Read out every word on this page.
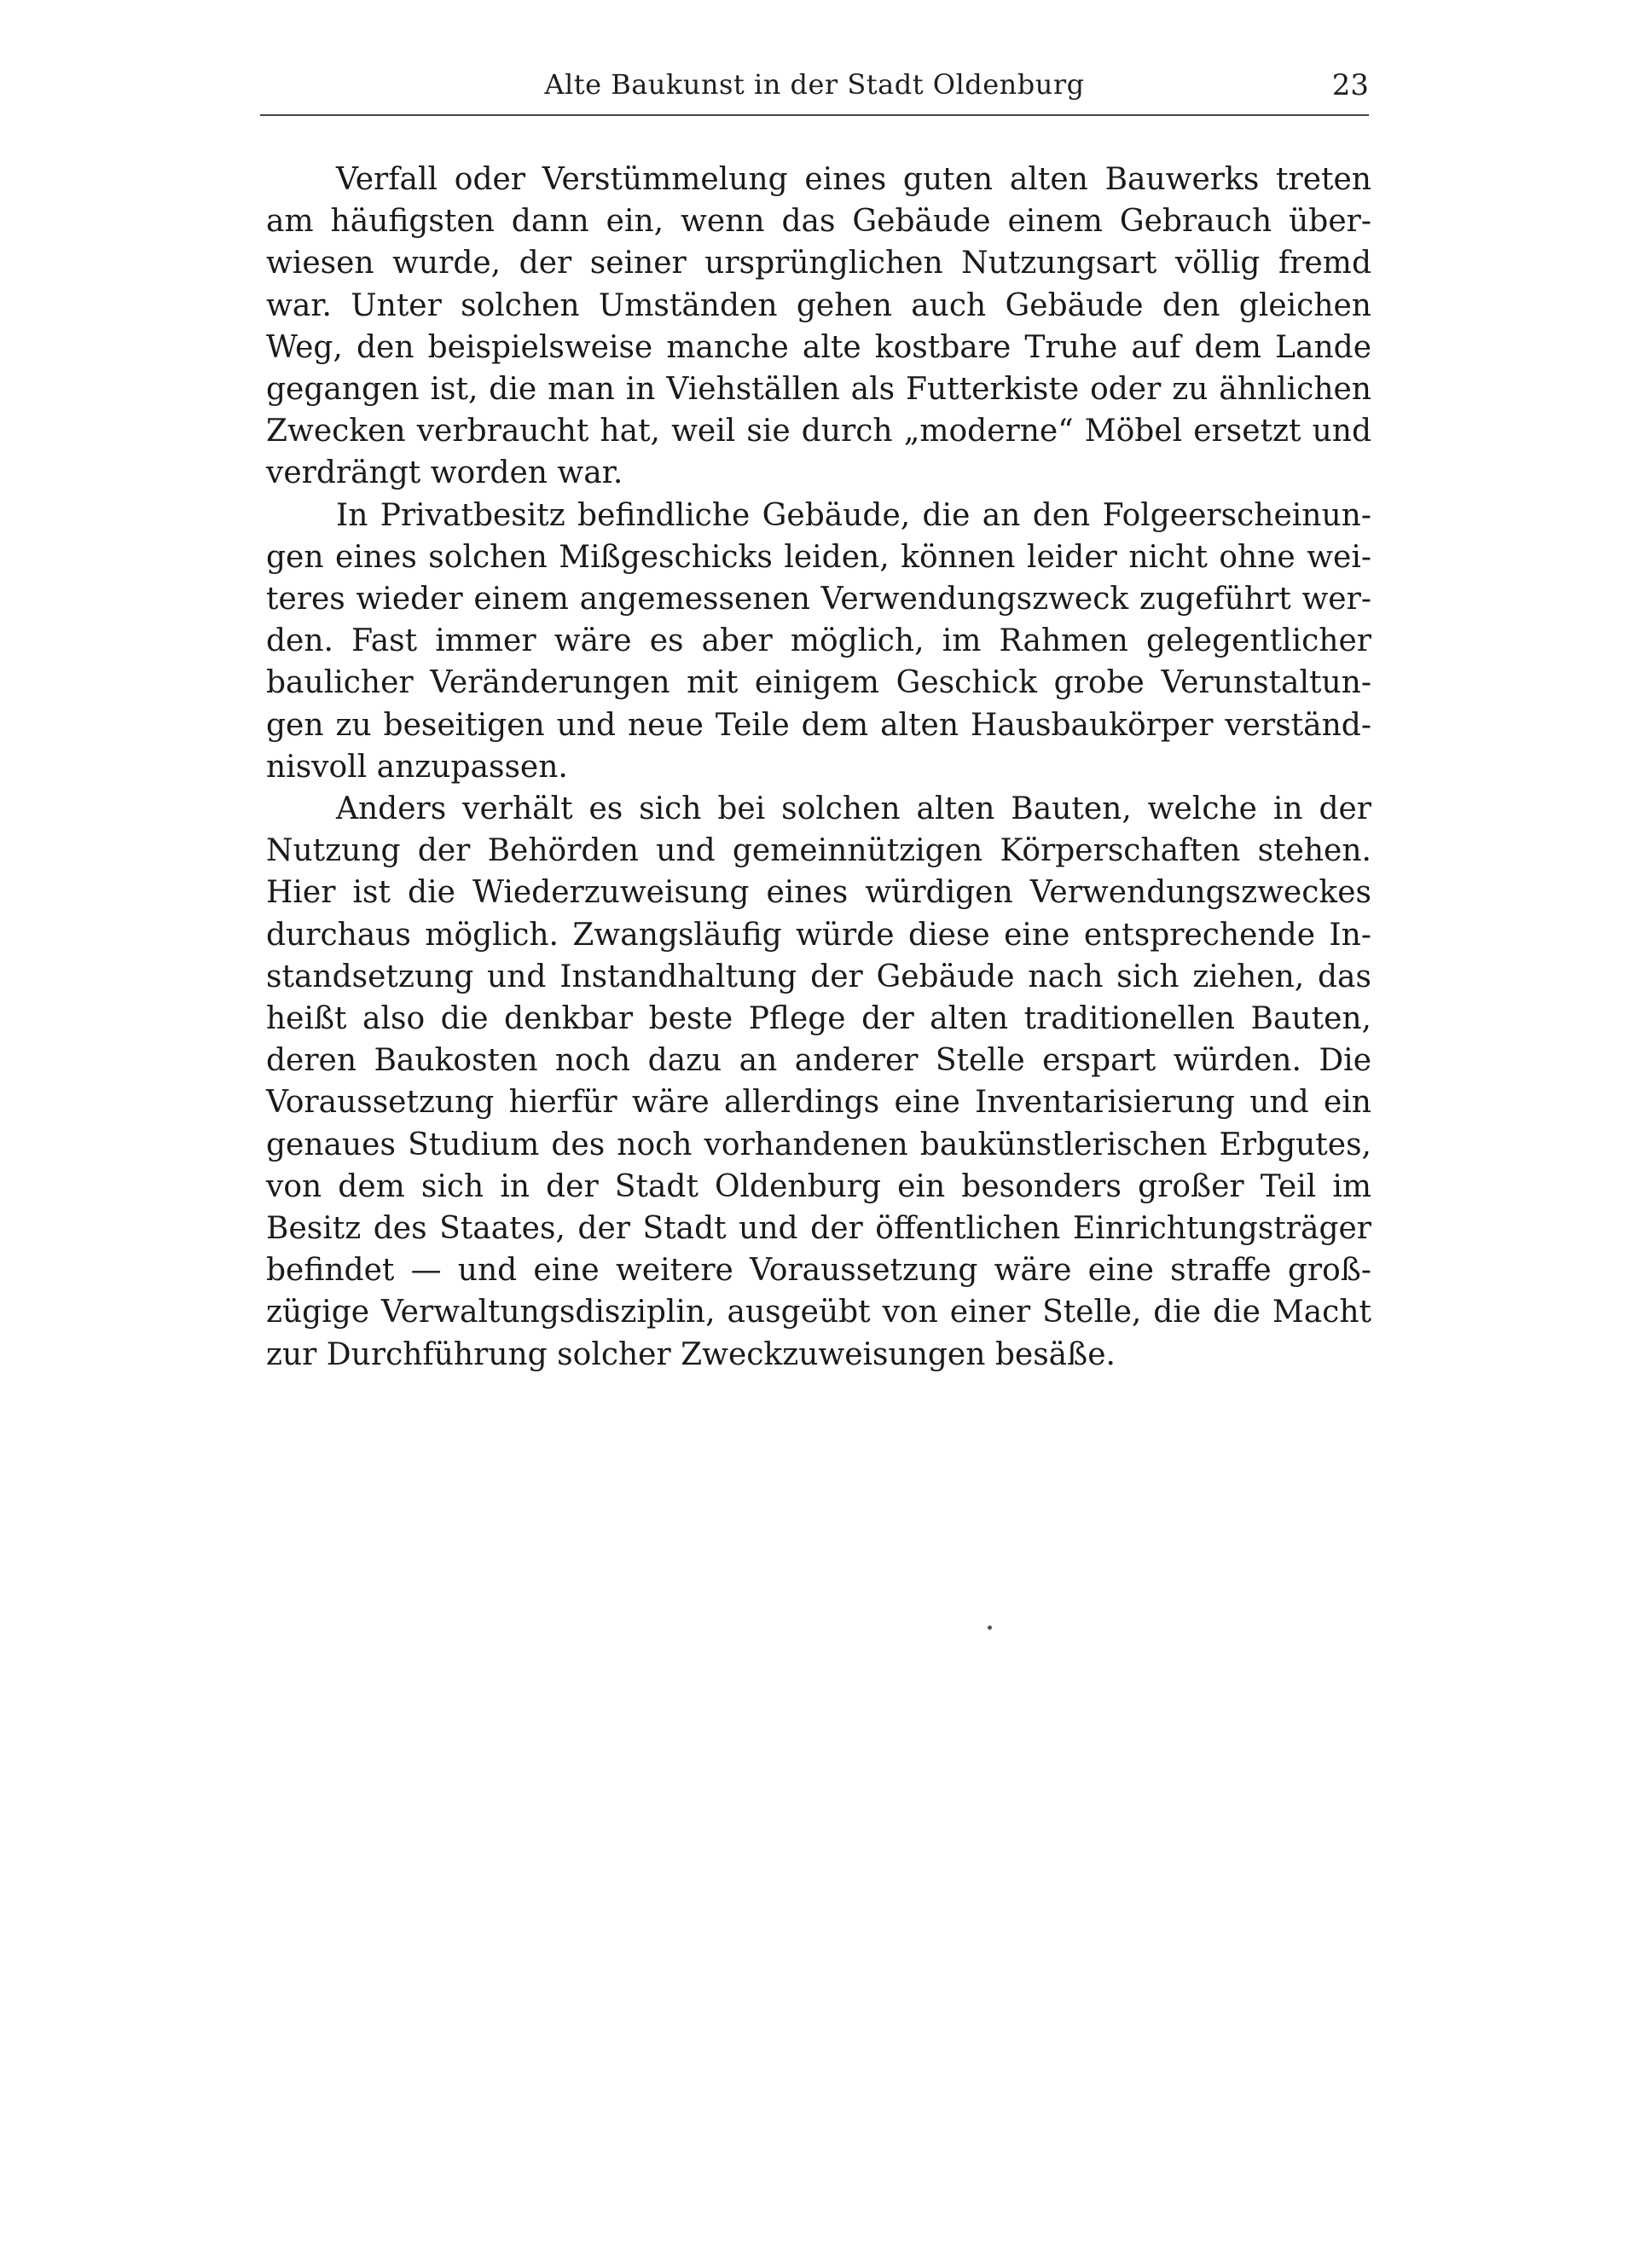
Alte Baukunst in der Stadt Oldenburg	23
Verfall oder Verstümmelung eines guten alten Bauwerks treten
am häufigsten dann ein, wenn das Gebäude einem Gebrauch über-
wiesen wurde, der seiner ursprünglichen Nutzungsart völlig fremd
war. Unter solchen Umständen gehen auch Gebäude den gleichen
Weg, den beispielsweise manche alte kostbare Truhe auf dem Lande
gegangen ist, die man in Viehställen als Futterkiste oder zu ähnlichen
Zwecken verbraucht hat, weil sie durch „moderne“ Möbel ersetzt und
verdrängt worden war.
In Privatbesitz befindliche Gebäude, die an den Folgeerscheinun-
gen eines solchen Mißgeschicks leiden, können leider nicht ohne wei-
teres wieder einem angemessenen Verwendungszweck zugeführt wer-
den. Fast immer wäre es aber möglich, im Rahmen gelegentlicher
baulicher Veränderungen mit einigem Geschick grobe Verunstaltun-
gen zu beseitigen und neue Teile dem alten Hausbaukörper verständ-
nisvoll anzupassen.
Anders verhält es sich bei solchen alten Bauten, welche in der
Nutzung der Behörden und gemeinnützigen Körperschaften stehen.
Hier ist die Wiederzuweisung eines würdigen Verwendungszweckes
durchaus möglich. Zwangsläufig würde diese eine entsprechende In-
standsetzung und Instandhaltung der Gebäude nach sich ziehen, das
heißt also die denkbar beste Pflege der alten traditionellen Bauten,
deren Baukosten noch dazu an anderer Stelle erspart würden. Die
Voraussetzung hierfür wäre allerdings eine Inventarisierung und ein
genaues Studium des noch vorhandenen baukünstlerischen Erbgutes,
von dem sich in der Stadt Oldenburg ein besonders großer Teil im
Besitz des Staates, der Stadt und der öffentlichen Einrichtungsträger
befindet — und eine weitere Voraussetzung wäre eine straffe groß-
zügige Verwaltungsdisziplin, ausgeübt von einer Stelle, die die Macht
zur Durchführung solcher Zweckzuweisungen besäße.
